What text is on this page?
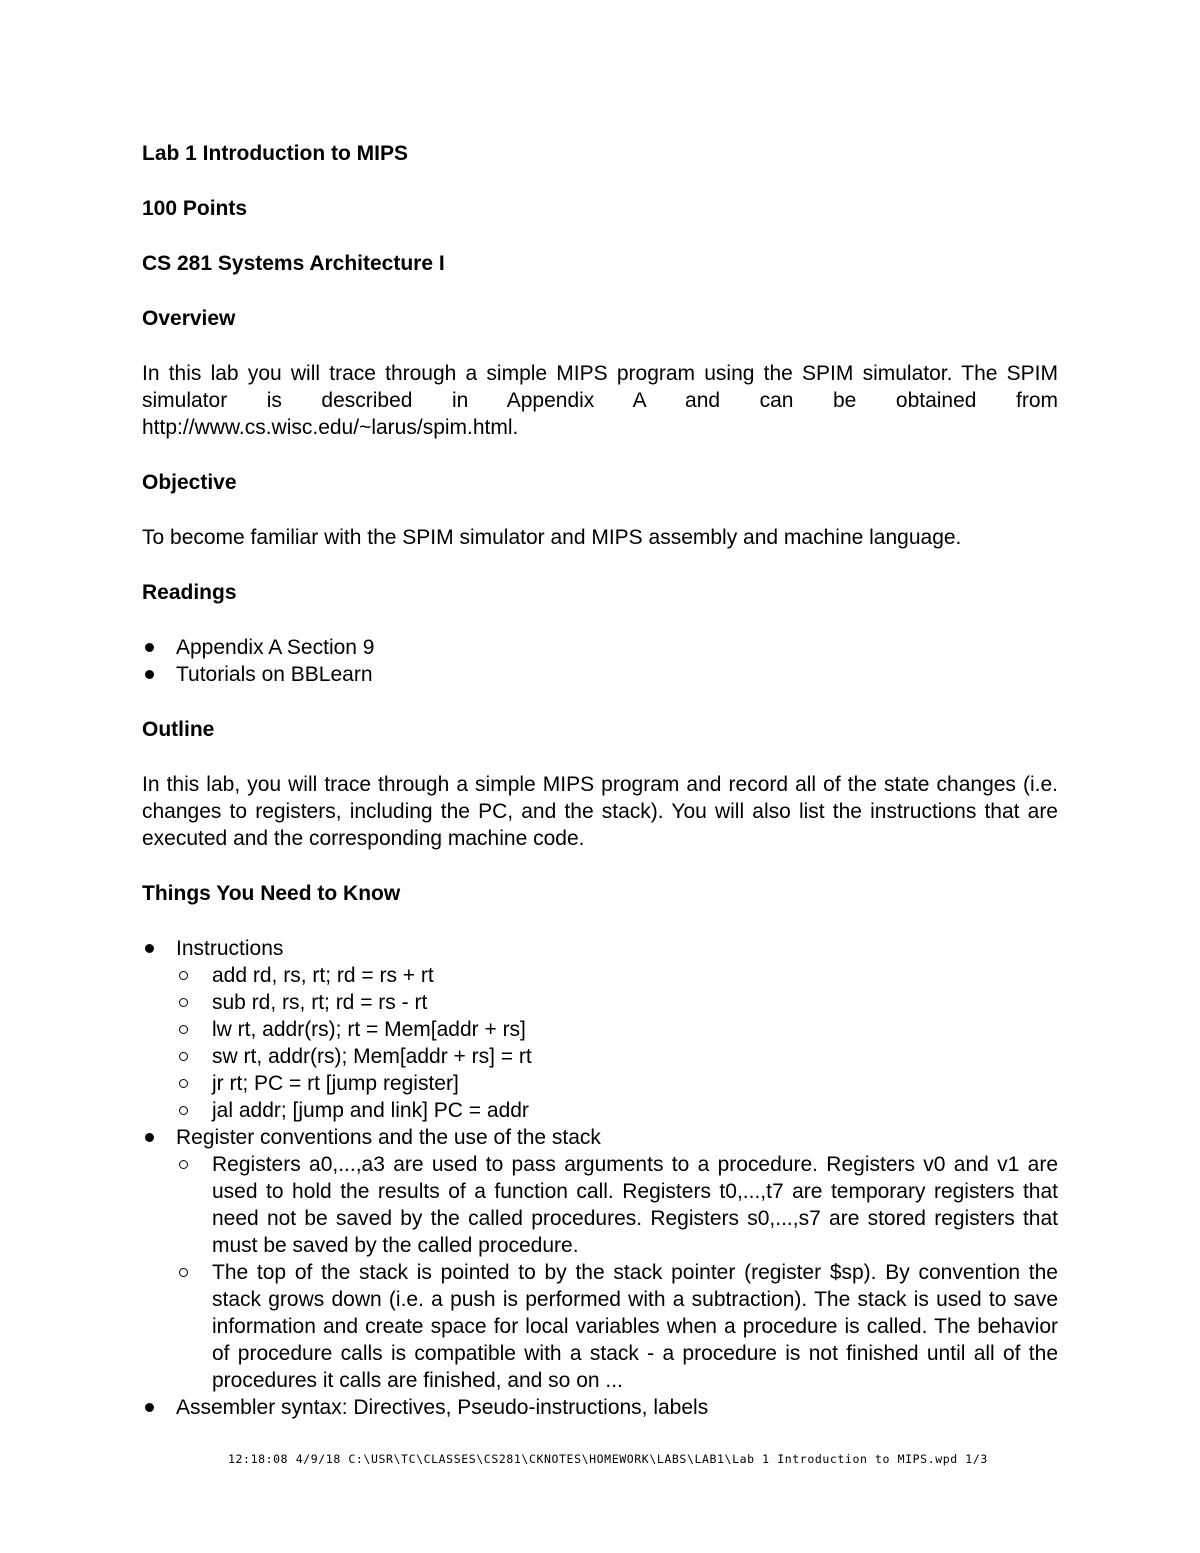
Lab 1 Introduction to MIPS
100 Points
CS 281 Systems Architecture I
Overview
In this lab you will trace through a simple MIPS program using the SPIM simulator. The SPIM simulator is described in Appendix A and can be obtained from http://www.cs.wisc.edu/~larus/spim.html.
Objective
To become familiar with the SPIM simulator and MIPS assembly and machine language.
Readings
Appendix A Section 9
Tutorials on BBLearn
Outline
In this lab, you will trace through a simple MIPS program and record all of the state changes (i.e. changes to registers, including the PC, and the stack). You will also list the instructions that are executed and the corresponding machine code.
Things You Need to Know
Instructions
add rd, rs, rt; rd = rs + rt
sub rd, rs, rt; rd = rs - rt
lw rt, addr(rs); rt = Mem[addr + rs]
sw rt, addr(rs); Mem[addr + rs] = rt
jr rt; PC = rt [jump register]
jal addr; [jump and link] PC = addr
Register conventions and the use of the stack
Registers a0,...,a3 are used to pass arguments to a procedure. Registers v0 and v1 are used to hold the results of a function call. Registers t0,...,t7 are temporary registers that need not be saved by the called procedures. Registers s0,...,s7 are stored registers that must be saved by the called procedure.
The top of the stack is pointed to by the stack pointer (register $sp). By convention the stack grows down (i.e. a push is performed with a subtraction). The stack is used to save information and create space for local variables when a procedure is called. The behavior of procedure calls is compatible with a stack - a procedure is not finished until all of the procedures it calls are finished, and so on ...
Assembler syntax: Directives, Pseudo-instructions, labels
12:18:08 4/9/18 C:\USR\TC\CLASSES\CS281\CKNOTES\HOMEWORK\LABS\LAB1\Lab 1 Introduction to MIPS.wpd 1/3
